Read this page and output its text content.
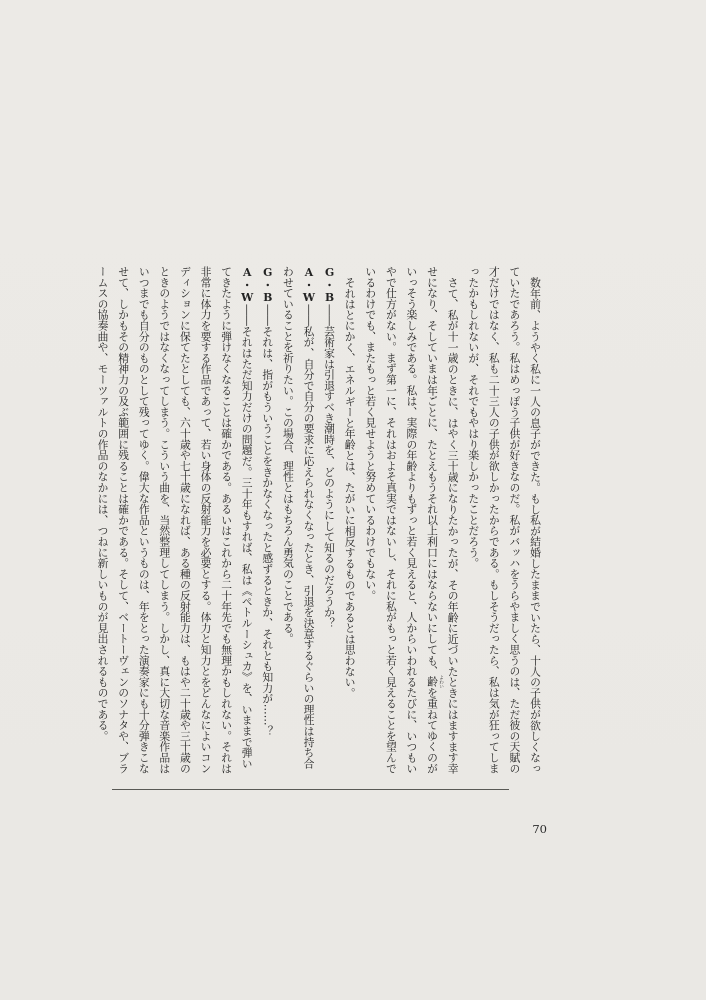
数年前、ようやく私に一人の息子ができた。もし私が結婚したままでいたら、十人の子供が欲しくなっていたであろう。私はめっぽう子供が好きなのだ。私がバッハをうらやましく思うのは、ただ彼の天賦の才だけではなく、私も二十三人の子供が欲しかったからである。もしそうだったら、私は気が狂ってしまったかもしれないが、それでもやはり楽しかったことだろう。

さて、私が十一歳のときに、はやく三十歳になりたかったが、その年齢に近づいたときにはますます幸せになり、そしていまは年ごとに、たとえもうそれ以上利口にはならないにしても、齢 よわいを重ねてゆくのがいっそう楽しみである。私は、実際の年齢よりもずっと若く見えると、人からいわれるたびに、いつもいやで仕方がない。まず第一に、それはおよそ真実ではないし、それに私がもっと若く見えることを望んでいるわけでも、またもっと若く見せようと努めているわけでもない。

それはとにかく、エネルギーと年齢とは、たがいに相反するものであるとは思わない。

G・B――芸術家は引退すべき潮時を、どのようにして知るのだろうか？

A・W――私が、自分で自分の要求に応えられなくなったとき、引退を決意するぐらいの理性は持ち合わせていることを祈りたい。この場合、理性とはもちろん勇気のことである。

G・B――それは、指がもういうことをきかなくなったと感ずるときか、それとも知力が……？

A・W――それはただ知力だけの問題だ。三十年もすれば、私は《ペトルーシュカ》を、いままで弾いてきたように弾けなくなることは確かである。あるいはこれから二十年先でも無理かもしれない。それは非常に体力を要する作品であって、若い身体の反射能力を必要とする。体力と知力とをどんなによいコンディションに保てたとしても、六十歳や七十歳になれば、ある種の反射能力は、もはや二十歳や三十歳のときのようではなくなってしまう。こういう曲を、当然整理してしまう。しかし、真に大切な音楽作品はいつまでも自分のものとして残ってゆく。偉大な作品というものは、年をとった演奏家にも十分弾きこなせて、しかもその精神力の及ぶ範囲に残ることは確かである。そして、ベートーヴェンのソナタや、ブラームスの協奏曲や、モーツァルトの作品のなかには、つねに新しいものが見出されるものである。

70
